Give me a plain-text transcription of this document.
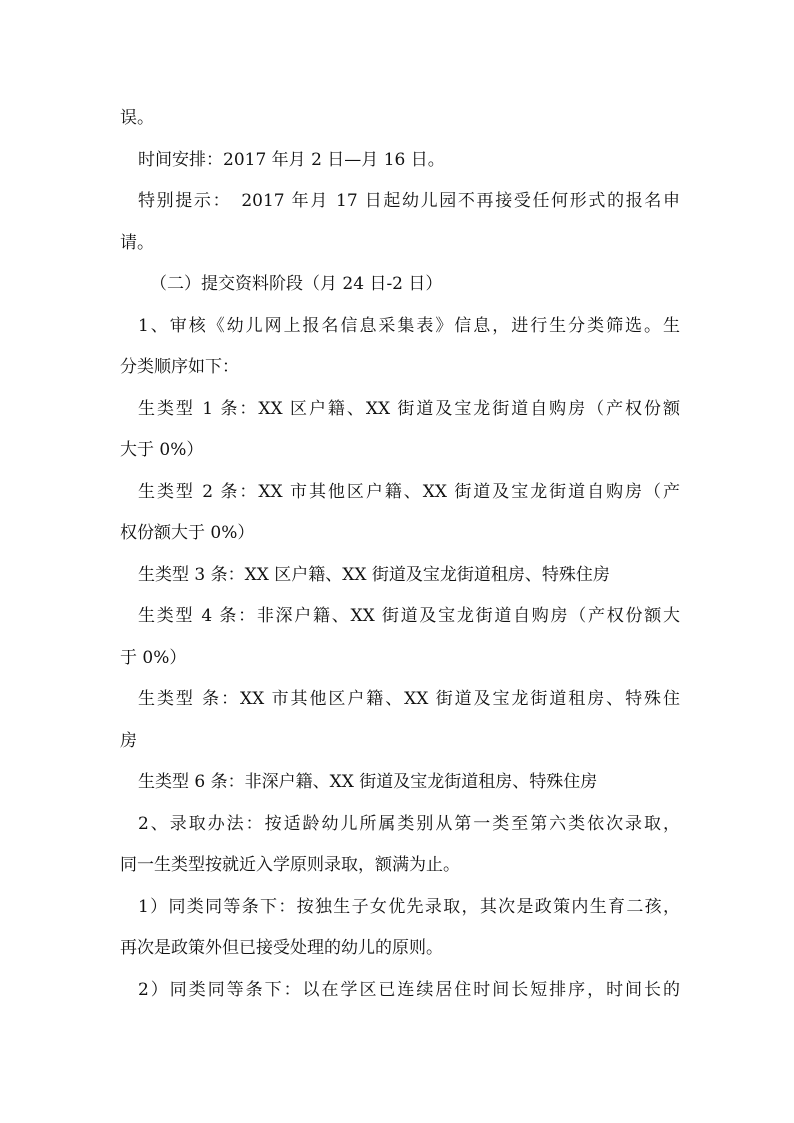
误。
时间安排：2017 年月 2 日—月 16 日。
特别提示：　2017 年月 17 日起幼儿园不再接受任何形式的报名申
请。
（二）提交资料阶段（月 24 日-2 日）
1、审核《幼儿网上报名信息采集表》信息，进行生分类筛选。生
分类顺序如下：
生类型 1 条：XX 区户籍、XX 街道及宝龙街道自购房（产权份额
大于 0%）
生类型 2 条：XX 市其他区户籍、XX 街道及宝龙街道自购房（产
权份额大于 0%）
生类型 3 条：XX 区户籍、XX 街道及宝龙街道租房、特殊住房
生类型 4 条：非深户籍、XX 街道及宝龙街道自购房（产权份额大
于 0%）
生类型 条：XX 市其他区户籍、XX 街道及宝龙街道租房、特殊住
房
生类型 6 条：非深户籍、XX 街道及宝龙街道租房、特殊住房
2、录取办法：按适龄幼儿所属类别从第一类至第六类依次录取，
同一生类型按就近入学原则录取，额满为止。
1）同类同等条下：按独生子女优先录取，其次是政策内生育二孩，
再次是政策外但已接受处理的幼儿的原则。
2）同类同等条下：以在学区已连续居住时间长短排序，时间长的
